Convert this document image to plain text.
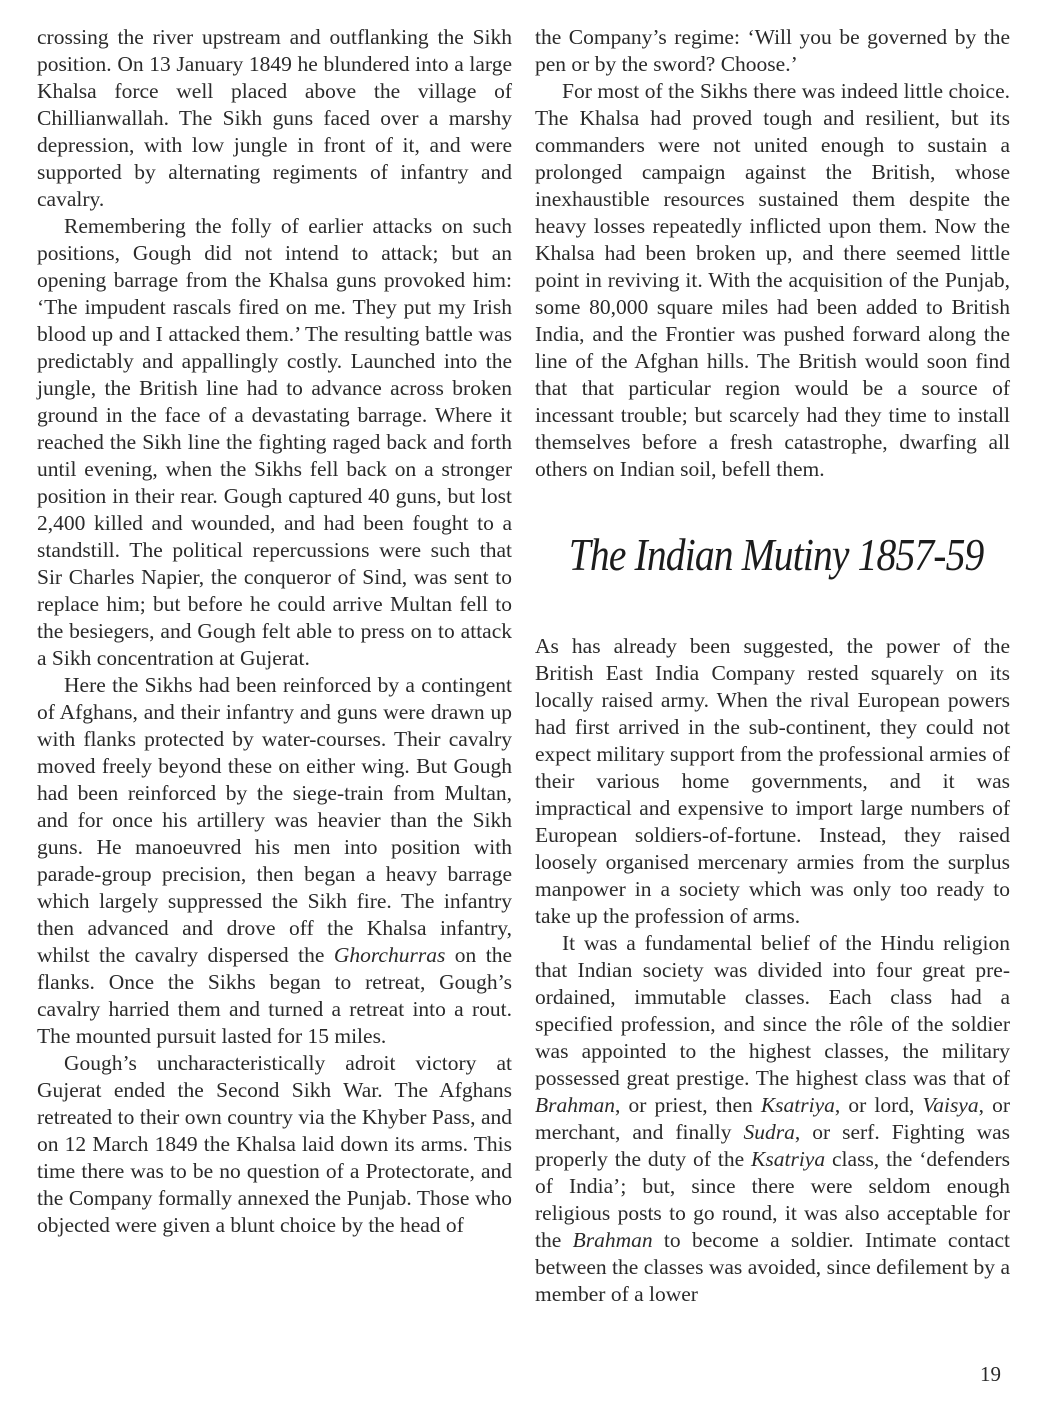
crossing the river upstream and outflanking the Sikh position. On 13 January 1849 he blundered into a large Khalsa force well placed above the village of Chillianwallah. The Sikh guns faced over a marshy depression, with low jungle in front of it, and were supported by alternating regiments of infantry and cavalry.

Remembering the folly of earlier attacks on such positions, Gough did not intend to attack; but an opening barrage from the Khalsa guns provoked him: ‘The impudent rascals fired on me. They put my Irish blood up and I attacked them.’ The resulting battle was predictably and appallingly costly. Launched into the jungle, the British line had to advance across broken ground in the face of a devastating barrage. Where it reached the Sikh line the fighting raged back and forth until evening, when the Sikhs fell back on a stronger position in their rear. Gough captured 40 guns, but lost 2,400 killed and wounded, and had been fought to a standstill. The political repercussions were such that Sir Charles Napier, the conqueror of Sind, was sent to replace him; but before he could arrive Multan fell to the besiegers, and Gough felt able to press on to attack a Sikh concentration at Gujerat.

Here the Sikhs had been reinforced by a contingent of Afghans, and their infantry and guns were drawn up with flanks protected by water-courses. Their cavalry moved freely beyond these on either wing. But Gough had been reinforced by the siege-train from Multan, and for once his artillery was heavier than the Sikh guns. He manoeuvred his men into position with parade-group precision, then began a heavy barrage which largely suppressed the Sikh fire. The infantry then advanced and drove off the Khalsa infantry, whilst the cavalry dispersed the Ghorchurras on the flanks. Once the Sikhs began to retreat, Gough’s cavalry harried them and turned a retreat into a rout. The mounted pursuit lasted for 15 miles.

Gough’s uncharacteristically adroit victory at Gujerat ended the Second Sikh War. The Afghans retreated to their own country via the Khyber Pass, and on 12 March 1849 the Khalsa laid down its arms. This time there was to be no question of a Protectorate, and the Company formally annexed the Punjab. Those who objected were given a blunt choice by the head of

the Company’s regime: ‘Will you be governed by the pen or by the sword? Choose.’

For most of the Sikhs there was indeed little choice. The Khalsa had proved tough and resilient, but its commanders were not united enough to sustain a prolonged campaign against the British, whose inexhaustible resources sustained them despite the heavy losses repeatedly inflicted upon them. Now the Khalsa had been broken up, and there seemed little point in reviving it. With the acquisition of the Punjab, some 80,000 square miles had been added to British India, and the Frontier was pushed forward along the line of the Afghan hills. The British would soon find that that particular region would be a source of incessant trouble; but scarcely had they time to install themselves before a fresh catastrophe, dwarfing all others on Indian soil, befell them.

The Indian Mutiny 1857-59

As has already been suggested, the power of the British East India Company rested squarely on its locally raised army. When the rival European powers had first arrived in the sub-continent, they could not expect military support from the professional armies of their various home governments, and it was impractical and expensive to import large numbers of European soldiers-of-fortune. Instead, they raised loosely organised mercenary armies from the surplus manpower in a society which was only too ready to take up the profession of arms.

It was a fundamental belief of the Hindu religion that Indian society was divided into four great pre-ordained, immutable classes. Each class had a specified profession, and since the rôle of the soldier was appointed to the highest classes, the military possessed great prestige. The highest class was that of Brahman, or priest, then Ksatriya, or lord, Vaisya, or merchant, and finally Sudra, or serf. Fighting was properly the duty of the Ksatriya class, the ‘defenders of India’; but, since there were seldom enough religious posts to go round, it was also acceptable for the Brahman to become a soldier. Intimate contact between the classes was avoided, since defilement by a member of a lower

19
